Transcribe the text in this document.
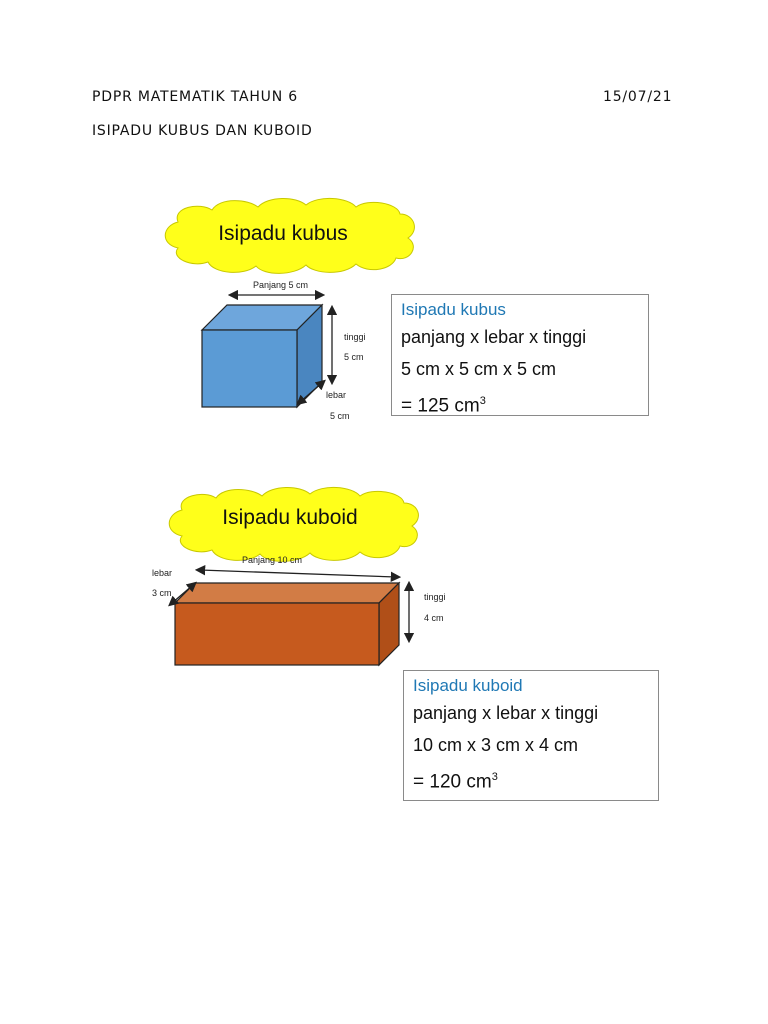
PDPR MATEMATIK TAHUN 6	15/07/21
ISIPADU KUBUS DAN KUBOID
Isipadu kubus
Panjang 5 cm
tinggi
5 cm
lebar
5 cm
Isipadu kuboid
Panjang 10 cm
lebar
3 cm	tinggi
4 cm
Isipadu kubus
panjang x lebar x tinggi
5 cm x 5 cm x 5 cm
= 125 $cm^3$
Isipadu kuboid
panjang x lebar x tinggi
10 cm x 3 cm x 4 cm
= 120 $cm^3$
